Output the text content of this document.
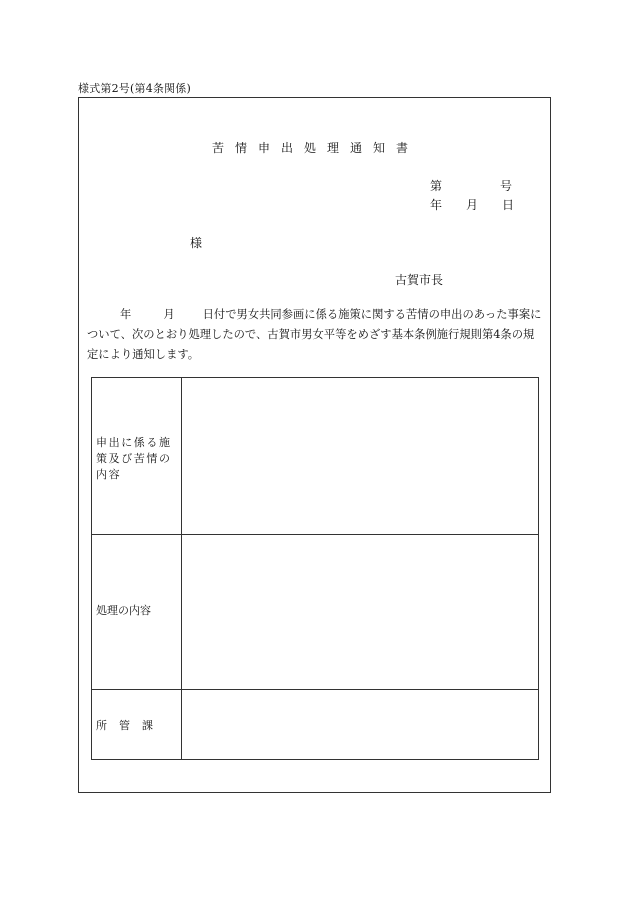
様式第2号(第4条関係)
苦情申出処理通知書
第	号
年 月 日
様
古賀市長
年	月 日付で男女共同参画に係る施策に関する苦情の申出のあった事案に
ついて、次のとおり処理したので、古賀市男女平等をめざす基本条例施行規則第4条の規
定により通知します。
申出に係る施
策及び苦情の
内容
処理の内容
所管課
